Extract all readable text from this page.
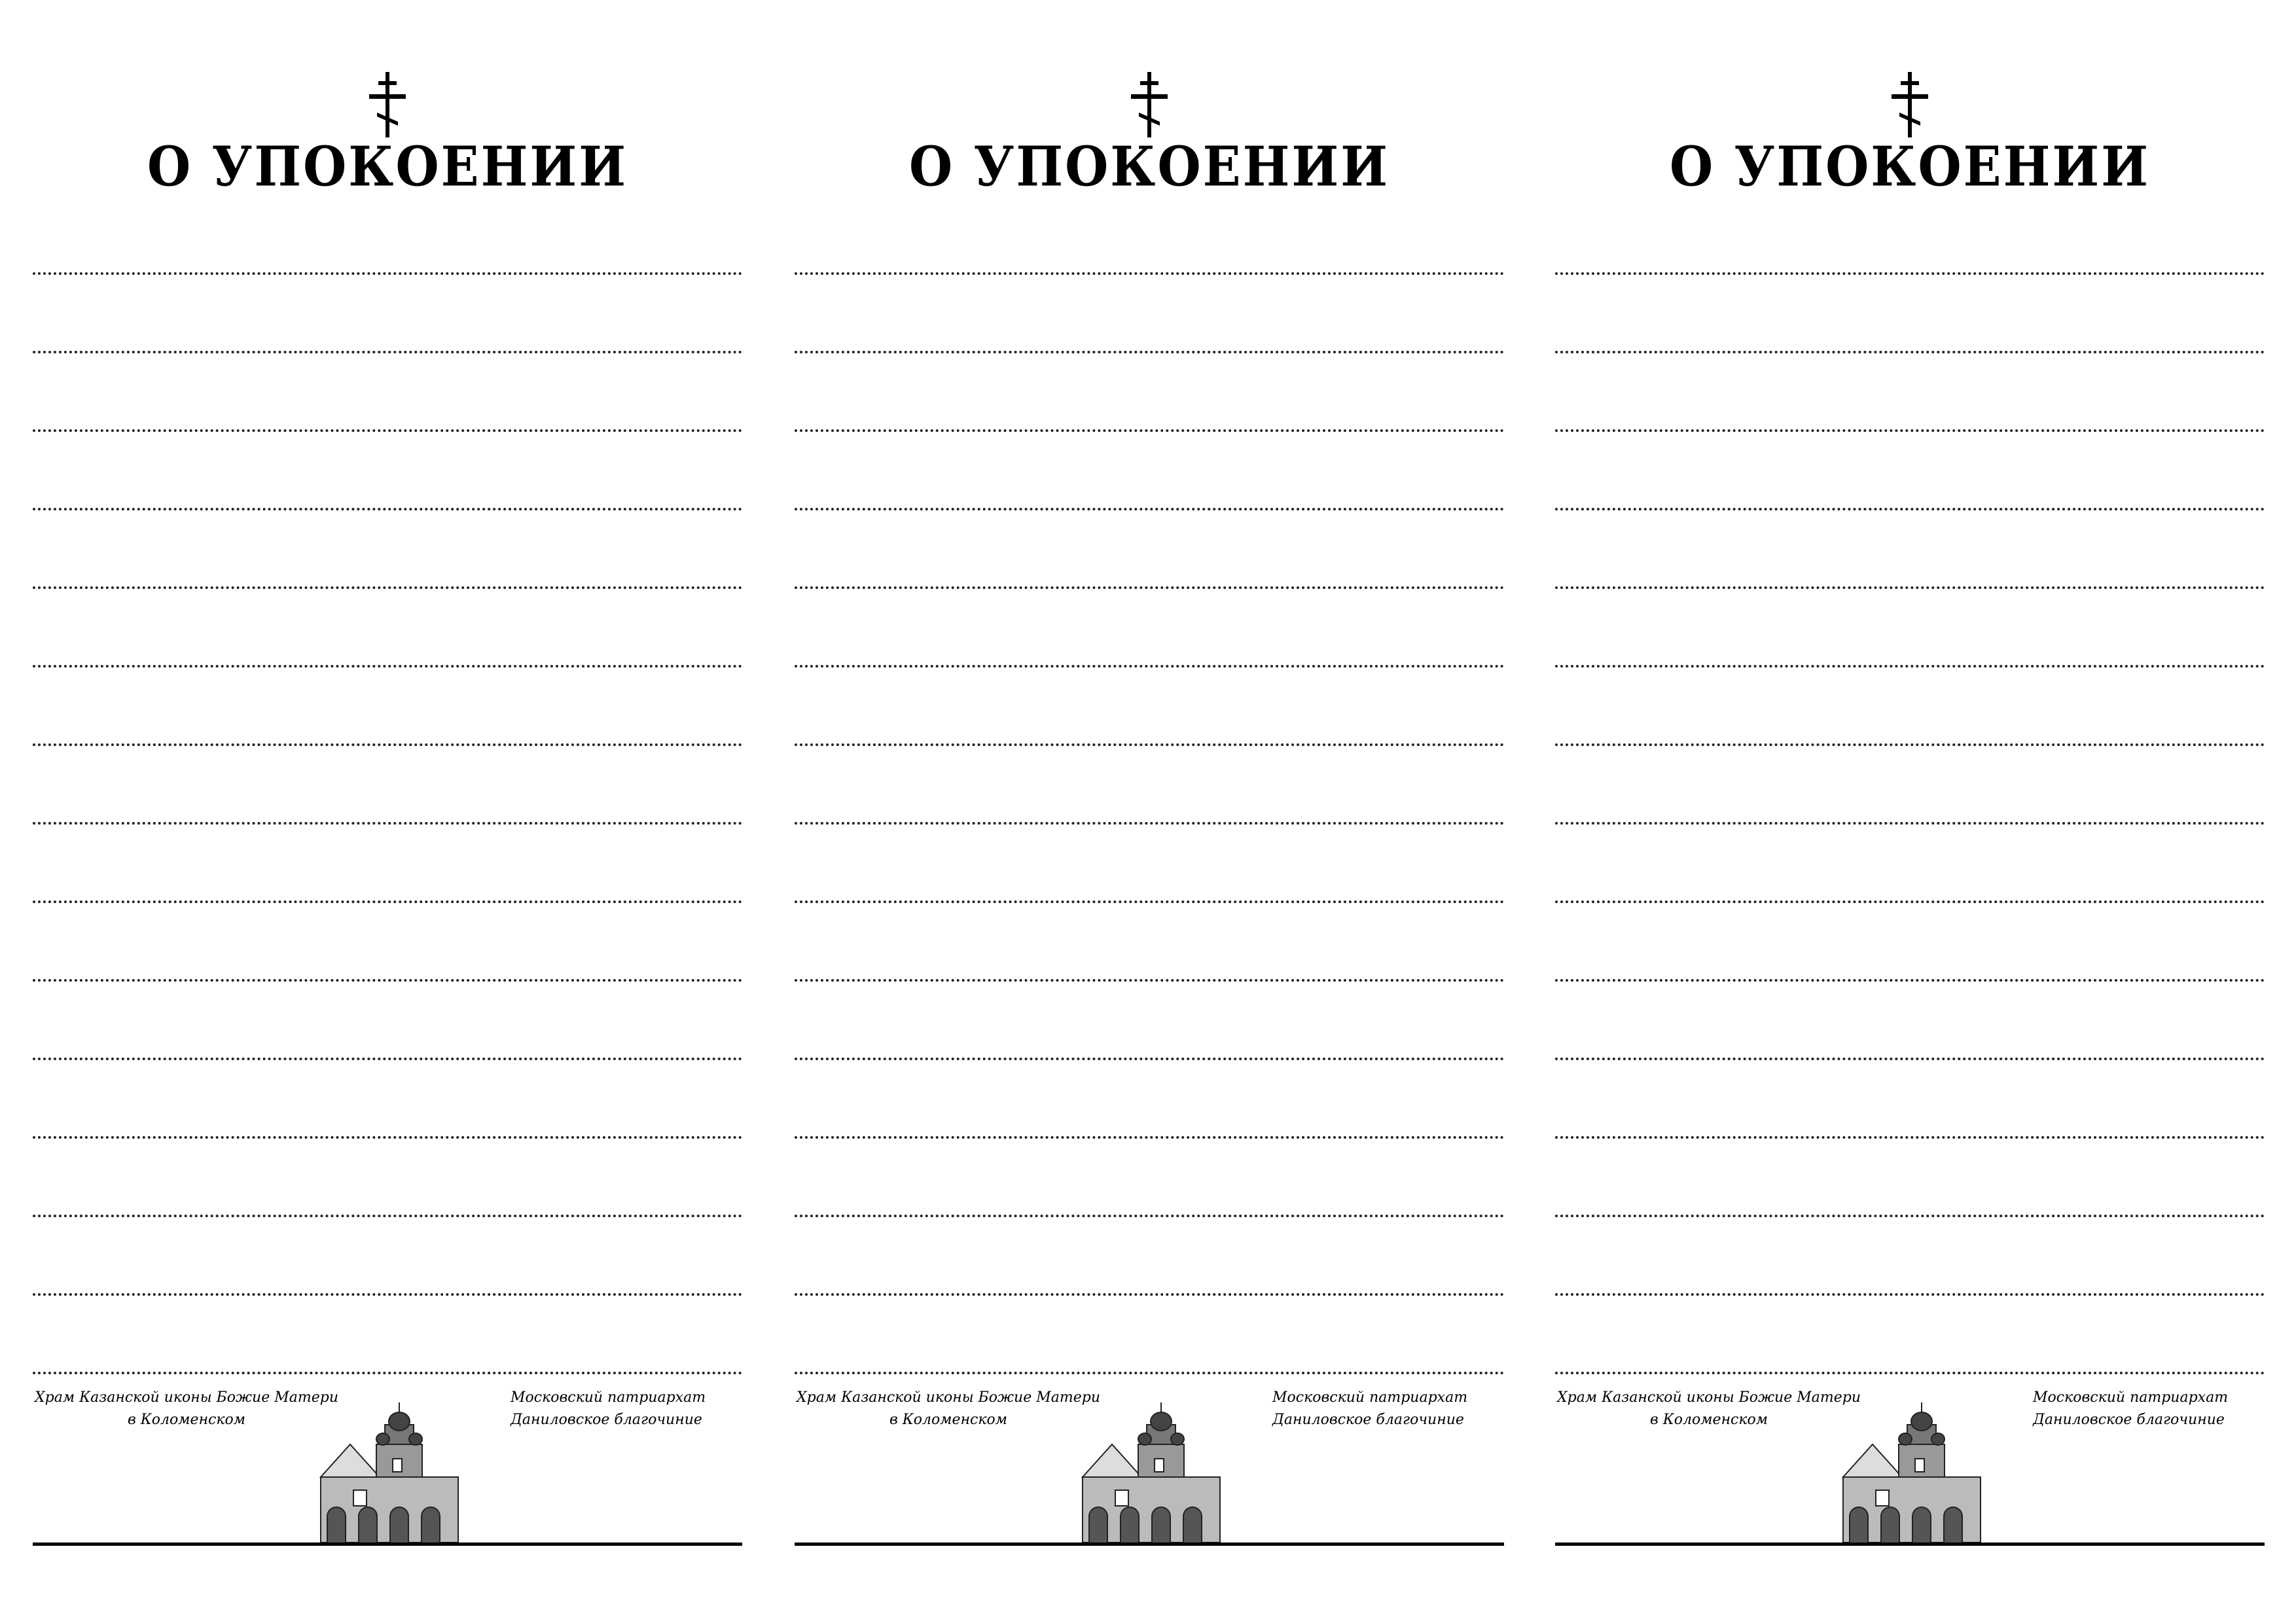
О УПОКОЕНИИ
Храм Казанской иконы Божие Матери
в Коломенском
Московский патриархат
Даниловское благочиние
О УПОКОЕНИИ
Храм Казанской иконы Божие Матери
в Коломенском
Московский патриархат
Даниловское благочиние
О УПОКОЕНИИ
Храм Казанской иконы Божие Матери
в Коломенском
Московский патриархат
Даниловское благочиние
